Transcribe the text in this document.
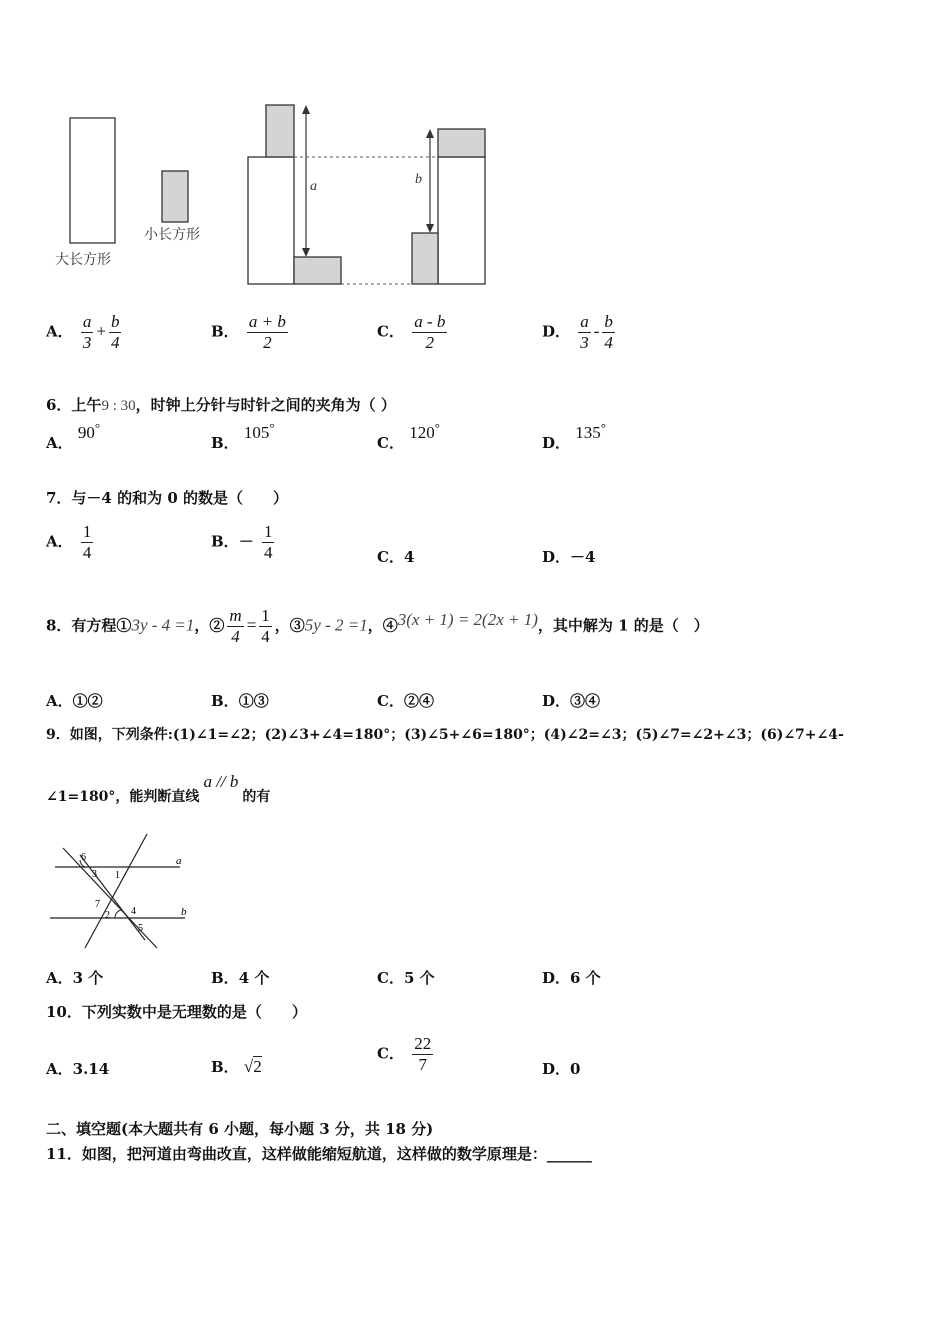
a	b
大长方形
小长方形
A． $\frac{a}{3} + \frac{b}{4}$	B． $\frac{a + b}{2}$	C． $\frac{a - b}{2}$	D． $\frac{a}{3} - \frac{b}{4}$
6．上午9 : 30，时钟上分针与时针之间的夹角为（ ）
A． 90°
B． 105°
C． 120°
D． 135°
7．与－4 的和为 0 的数是（　　）
A． $\frac{1}{4}$	B．－ $\frac{1}{4}$	C．4	D．－4
8．有方程①3y - 4 =1，② $\frac{m}{4} = \frac{1}{4}$ ，③5y - 2 =1，④3(x + 1) = 2(2x + 1)，其中解为 1 的是（　）
A．①②	B．①③	C．②④	D．③④
9．如图，下列条件:(1)∠1=∠2；(2)∠3+∠4=180°；(3)∠5+∠6=180°；(4)∠2=∠3；(5)∠7=∠2+∠3；(6)∠7+∠4-
∠1=180°，能判断直线a // b的有
6
3 1
7
2 4
5
a
b
A．3 个	B．4 个	C．5 个	D．6 个
10．下列实数中是无理数的是（　　）
A．3.14	B． √2
C． $\frac{22}{7}$	D．0
二、填空题(本大题共有 6 小题，每小题 3 分，共 18 分)
11．如图，把河道由弯曲改直，这样做能缩短航道，这样做的数学原理是：______
